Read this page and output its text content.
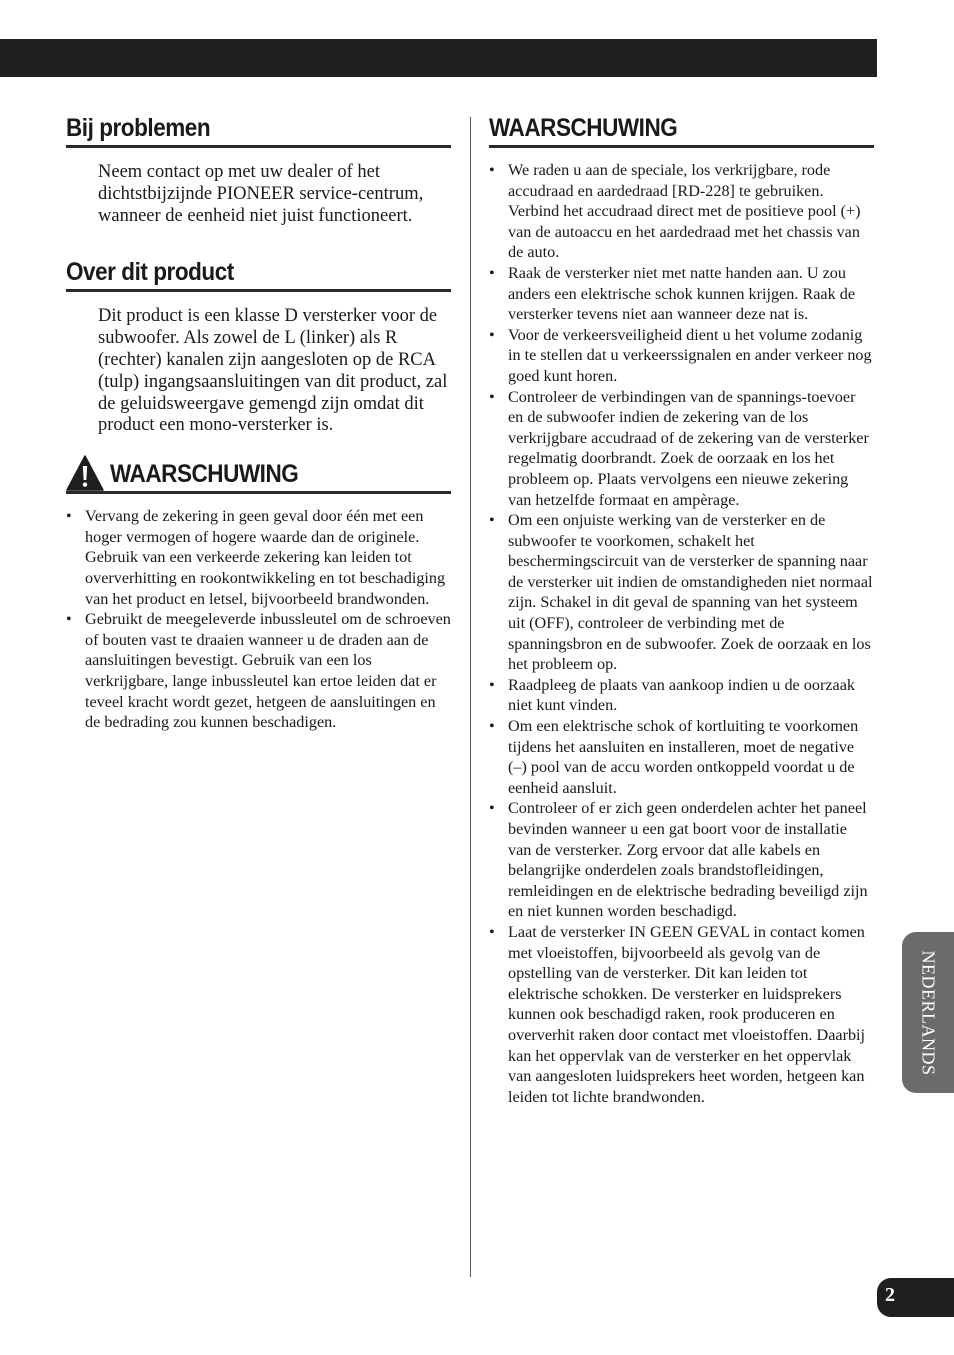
Bij problemen

Neem contact op met uw dealer of het dichtstbijzijnde PIONEER service-centrum, wanneer de eenheid niet juist functioneert.

Over dit product

Dit product is een klasse D versterker voor de subwoofer. Als zowel de L (linker) als R (rechter) kanalen zijn aangesloten op de RCA (tulp) ingangsaansluitingen van dit product, zal de geluidsweergave gemengd zijn omdat dit product een mono-versterker is.

WAARSCHUWING
• Vervang de zekering in geen geval door één met een hoger vermogen of hogere waarde dan de originele. Gebruik van een verkeerde zekering kan leiden tot oververhitting en rookontwikkeling en tot beschadiging van het product en letsel, bijvoorbeeld brandwonden.
• Gebruikt de meegeleverde inbussleutel om de schroeven of bouten vast te draaien wanneer u de draden aan de aansluitingen bevestigt. Gebruik van een los verkrijgbare, lange inbussleutel kan ertoe leiden dat er teveel kracht wordt gezet, hetgeen de aansluitingen en de bedrading zou kunnen beschadigen.
WAARSCHUWING
• We raden u aan de speciale, los verkrijgbare, rode accudraad en aardedraad [RD-228] te gebruiken. Verbind het accudraad direct met de positieve pool (+) van de autoaccu en het aardedraad met het chassis van de auto.
• Raak de versterker niet met natte handen aan. U zou anders een elektrische schok kunnen krijgen. Raak de versterker tevens niet aan wanneer deze nat is.
• Voor de verkeersveiligheid dient u het volume zodanig in te stellen dat u verkeerssignalen en ander verkeer nog goed kunt horen.
• Controleer de verbindingen van de spannings-toevoer en de subwoofer indien de zekering van de los verkrijgbare accudraad of de zekering van de versterker regelmatig doorbrandt. Zoek de oorzaak en los het probleem op. Plaats vervolgens een nieuwe zekering van hetzelfde formaat en ampèrage.
• Om een onjuiste werking van de versterker en de subwoofer te voorkomen, schakelt het beschermingscircuit van de versterker de spanning naar de versterker uit indien de omstandigheden niet normaal zijn. Schakel in dit geval de spanning van het systeem uit (OFF), controleer de verbinding met de spanningsbron en de subwoofer. Zoek de oorzaak en los het probleem op.
• Raadpleeg de plaats van aankoop indien u de oorzaak niet kunt vinden.
• Om een elektrische schok of kortluiting te voorkomen tijdens het aansluiten en installeren, moet de negative (–) pool van de accu worden ontkoppeld voordat u de eenheid aansluit.
• Controleer of er zich geen onderdelen achter het paneel bevinden wanneer u een gat boort voor de installatie van de versterker. Zorg ervoor dat alle kabels en belangrijke onderdelen zoals brandstofleidingen, remleidingen en de elektrische bedrading beveiligd zijn en niet kunnen worden beschadigd.
• Laat de versterker IN GEEN GEVAL in contact komen met vloeistoffen, bijvoorbeeld als gevolg van de opstelling van de versterker. Dit kan leiden tot elektrische schokken. De versterker en luidsprekers kunnen ook beschadigd raken, rook produceren en oververhit raken door contact met vloeistoffen. Daarbij kan het oppervlak van de versterker en het oppervlak van aangesloten luidsprekers heet worden, hetgeen kan leiden tot lichte brandwonden.
NEDERLANDS
2
